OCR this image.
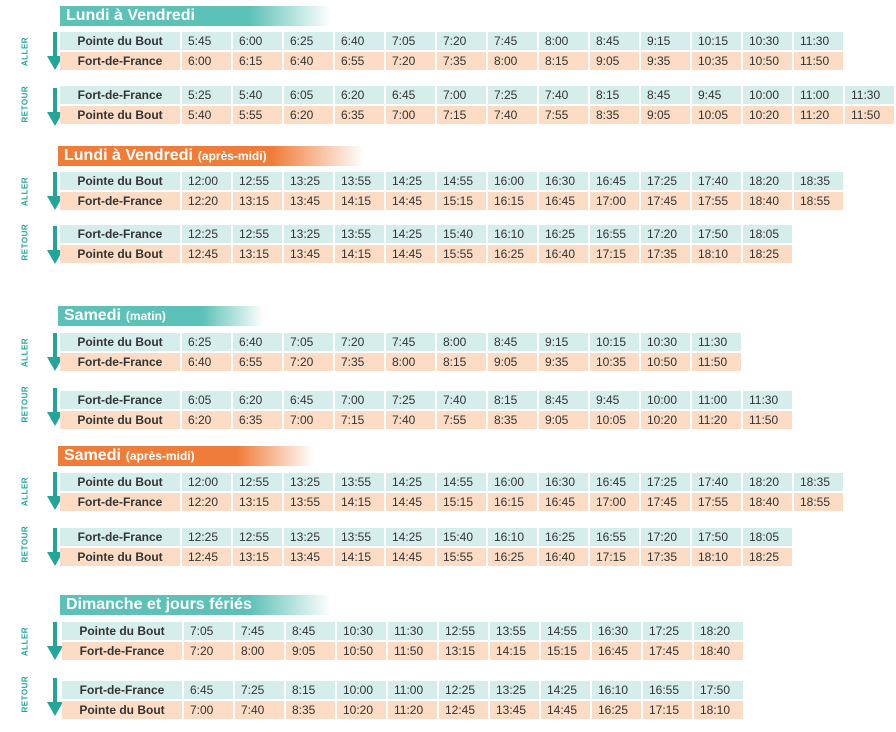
Lundi à Vendredi
ALLER	Pointe du Bout	5:45	6:00	6:25	6:40	7:05	7:20	7:45	8:00	8:45	9:15	10:15	10:30	11:30
Fort-de-France	6:00	6:15	6:40	6:55	7:20	7:35	8:00	8:15	9:05	9:35	10:35	10:50	11:50
RETOUR	Fort-de-France	5:25	5:40	6:05	6:20	6:45	7:00	7:25	7:40	8:15	8:45	9:45	10:00	11:00	11:30
Pointe du Bout	5:40	5:55	6:20	6:35	7:00	7:15	7:40	7:55	8:35	9:05	10:05	10:20	11:20	11:50
Lundi à Vendredi (après-midi)
ALLER	Pointe du Bout	12:00	12:55	13:25	13:55	14:25	14:55	16:00	16:30	16:45	17:25	17:40	18:20	18:35
Fort-de-France	12:20	13:15	13:45	14:15	14:45	15:15	16:15	16:45	17:00	17:45	17:55	18:40	18:55
RETOUR	Fort-de-France	12:25	12:55	13:25	13:55	14:25	15:40	16:10	16:25	16:55	17:20	17:50	18:05
Pointe du Bout	12:45	13:15	13:45	14:15	14:45	15:55	16:25	16:40	17:15	17:35	18:10	18:25
Samedi (matin)
ALLER	Pointe du Bout	6:25	6:40	7:05	7:20	7:45	8:00	8:45	9:15	10:15	10:30	11:30
Fort-de-France	6:40	6:55	7:20	7:35	8:00	8:15	9:05	9:35	10:35	10:50	11:50
RETOUR	Fort-de-France	6:05	6:20	6:45	7:00	7:25	7:40	8:15	8:45	9:45	10:00	11:00	11:30
Pointe du Bout	6:20	6:35	7:00	7:15	7:40	7:55	8:35	9:05	10:05	10:20	11:20	11:50
Samedi (après-midi)
ALLER	Pointe du Bout	12:00	12:55	13:25	13:55	14:25	14:55	16:00	16:30	16:45	17:25	17:40	18:20	18:35
Fort-de-France	12:20	13:15	13:55	14:15	14:45	15:15	16:15	16:45	17:00	17:45	17:55	18:40	18:55
RETOUR	Fort-de-France	12:25	12:55	13:25	13:55	14:25	15:40	16:10	16:25	16:55	17:20	17:50	18:05
Pointe du Bout	12:45	13:15	13:45	14:15	14:45	15:55	16:25	16:40	17:15	17:35	18:10	18:25
Dimanche et jours fériés
ALLER	Pointe du Bout	7:05	7:45	8:45	10:30	11:30	12:55	13:55	14:55	16:30	17:25	18:20
Fort-de-France	7:20	8:00	9:05	10:50	11:50	13:15	14:15	15:15	16:45	17:45	18:40
RETOUR	Fort-de-France	6:45	7:25	8:15	10:00	11:00	12:25	13:25	14:25	16:10	16:55	17:50
Pointe du Bout	7:00	7:40	8:35	10:20	11:20	12:45	13:45	14:45	16:25	17:15	18:10
